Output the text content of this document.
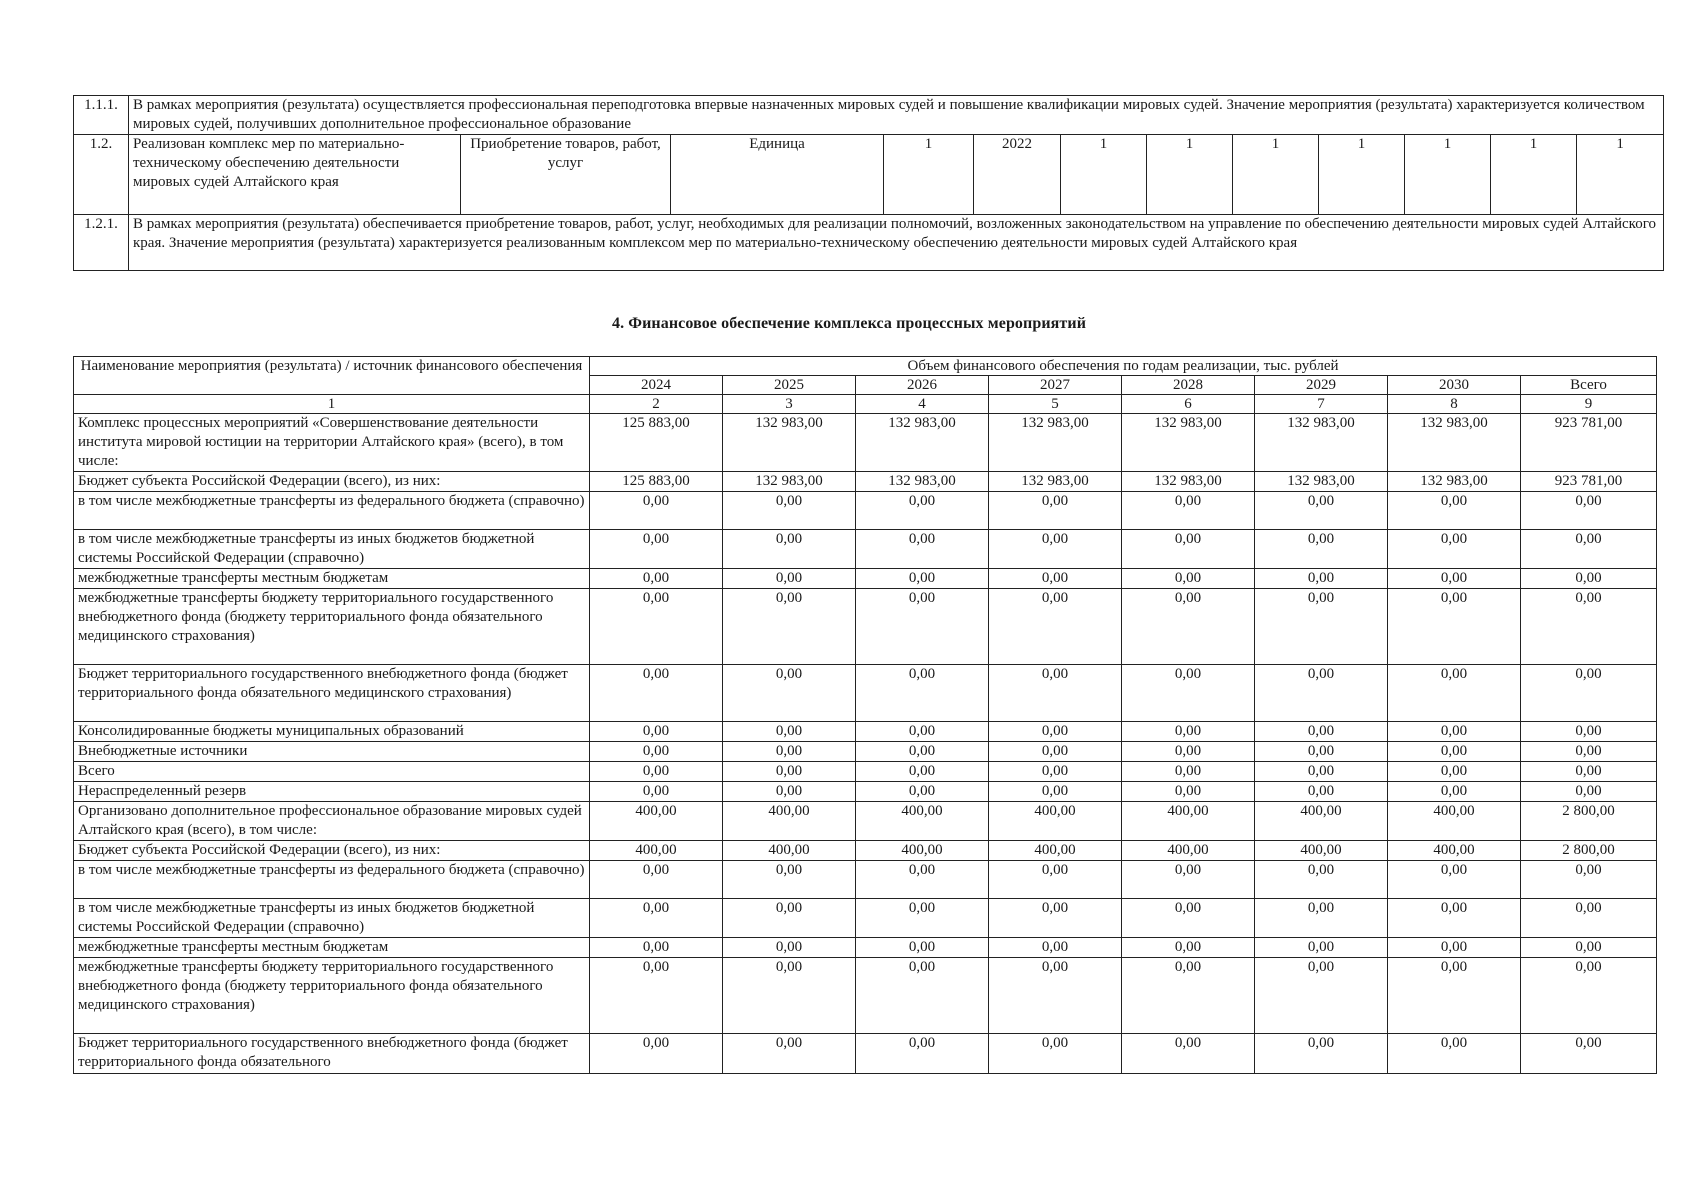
1.1.1.	В рамках мероприятия (результата) осуществляется профессиональная переподготовка впервые назначенных мировых судей и повышение квалификации мировых судей. Значение мероприятия (результата) характеризуется количеством мировых судей, получивших дополнительное профессиональное образование											
1.2.	Реализован комплекс мер по материально-техническому обеспечению деятельности мировых судей Алтайского края	Приобретение товаров, работ, услуг	Единица	1	2022	1	1	1	1	1	1	1
1.2.1.	В рамках мероприятия (результата) обеспечивается приобретение товаров, работ, услуг, необходимых для реализации полномочий, возложенных законодательством на управление по обеспечению деятельности мировых судей Алтайского края. Значение мероприятия (результата) характеризуется реализованным комплексом мер по материально-техническому обеспечению деятельности мировых судей Алтайского края											
4. Финансовое обеспечение комплекса процессных мероприятий
Наименование мероприятия (результата) / источник финансового обеспечения	Объем финансового обеспечения по годам реализации, тыс. рублей							
	2024	2025	2026	2027	2028	2029	2030	Всего
1	2	3	4	5	6	7	8	9
Комплекс процессных мероприятий «Совершенствование деятельности института мировой юстиции на территории Алтайского края» (всего), в том числе:	125 883,00	132 983,00	132 983,00	132 983,00	132 983,00	132 983,00	132 983,00	923 781,00
Бюджет субъекта Российской Федерации (всего), из них:	125 883,00	132 983,00	132 983,00	132 983,00	132 983,00	132 983,00	132 983,00	923 781,00
в том числе межбюджетные трансферты из федерального бюджета (справочно)	0,00	0,00	0,00	0,00	0,00	0,00	0,00	0,00
в том числе межбюджетные трансферты из иных бюджетов бюджетной системы Российской Федерации (справочно)	0,00	0,00	0,00	0,00	0,00	0,00	0,00	0,00
межбюджетные трансферты местным бюджетам	0,00	0,00	0,00	0,00	0,00	0,00	0,00	0,00
межбюджетные трансферты бюджету территориального государственного внебюджетного фонда (бюджету территориального фонда обязательного медицинского страхования)	0,00	0,00	0,00	0,00	0,00	0,00	0,00	0,00
Бюджет территориального государственного внебюджетного фонда (бюджет территориального фонда обязательного медицинского страхования)	0,00	0,00	0,00	0,00	0,00	0,00	0,00	0,00
Консолидированные бюджеты муниципальных образований	0,00	0,00	0,00	0,00	0,00	0,00	0,00	0,00
Внебюджетные источники	0,00	0,00	0,00	0,00	0,00	0,00	0,00	0,00
Всего	0,00	0,00	0,00	0,00	0,00	0,00	0,00	0,00
Нераспределенный резерв	0,00	0,00	0,00	0,00	0,00	0,00	0,00	0,00
Организовано дополнительное профессиональное образование мировых судей Алтайского края (всего), в том числе:	400,00	400,00	400,00	400,00	400,00	400,00	400,00	2 800,00
Бюджет субъекта Российской Федерации (всего), из них:	400,00	400,00	400,00	400,00	400,00	400,00	400,00	2 800,00
в том числе межбюджетные трансферты из федерального бюджета (справочно)	0,00	0,00	0,00	0,00	0,00	0,00	0,00	0,00
в том числе межбюджетные трансферты из иных бюджетов бюджетной системы Российской Федерации (справочно)	0,00	0,00	0,00	0,00	0,00	0,00	0,00	0,00
межбюджетные трансферты местным бюджетам	0,00	0,00	0,00	0,00	0,00	0,00	0,00	0,00
межбюджетные трансферты бюджету территориального государственного внебюджетного фонда (бюджету территориального фонда обязательного медицинского страхования)	0,00	0,00	0,00	0,00	0,00	0,00	0,00	0,00
Бюджет территориального государственного внебюджетного фонда (бюджет территориального фонда обязательного	0,00	0,00	0,00	0,00	0,00	0,00	0,00	0,00
